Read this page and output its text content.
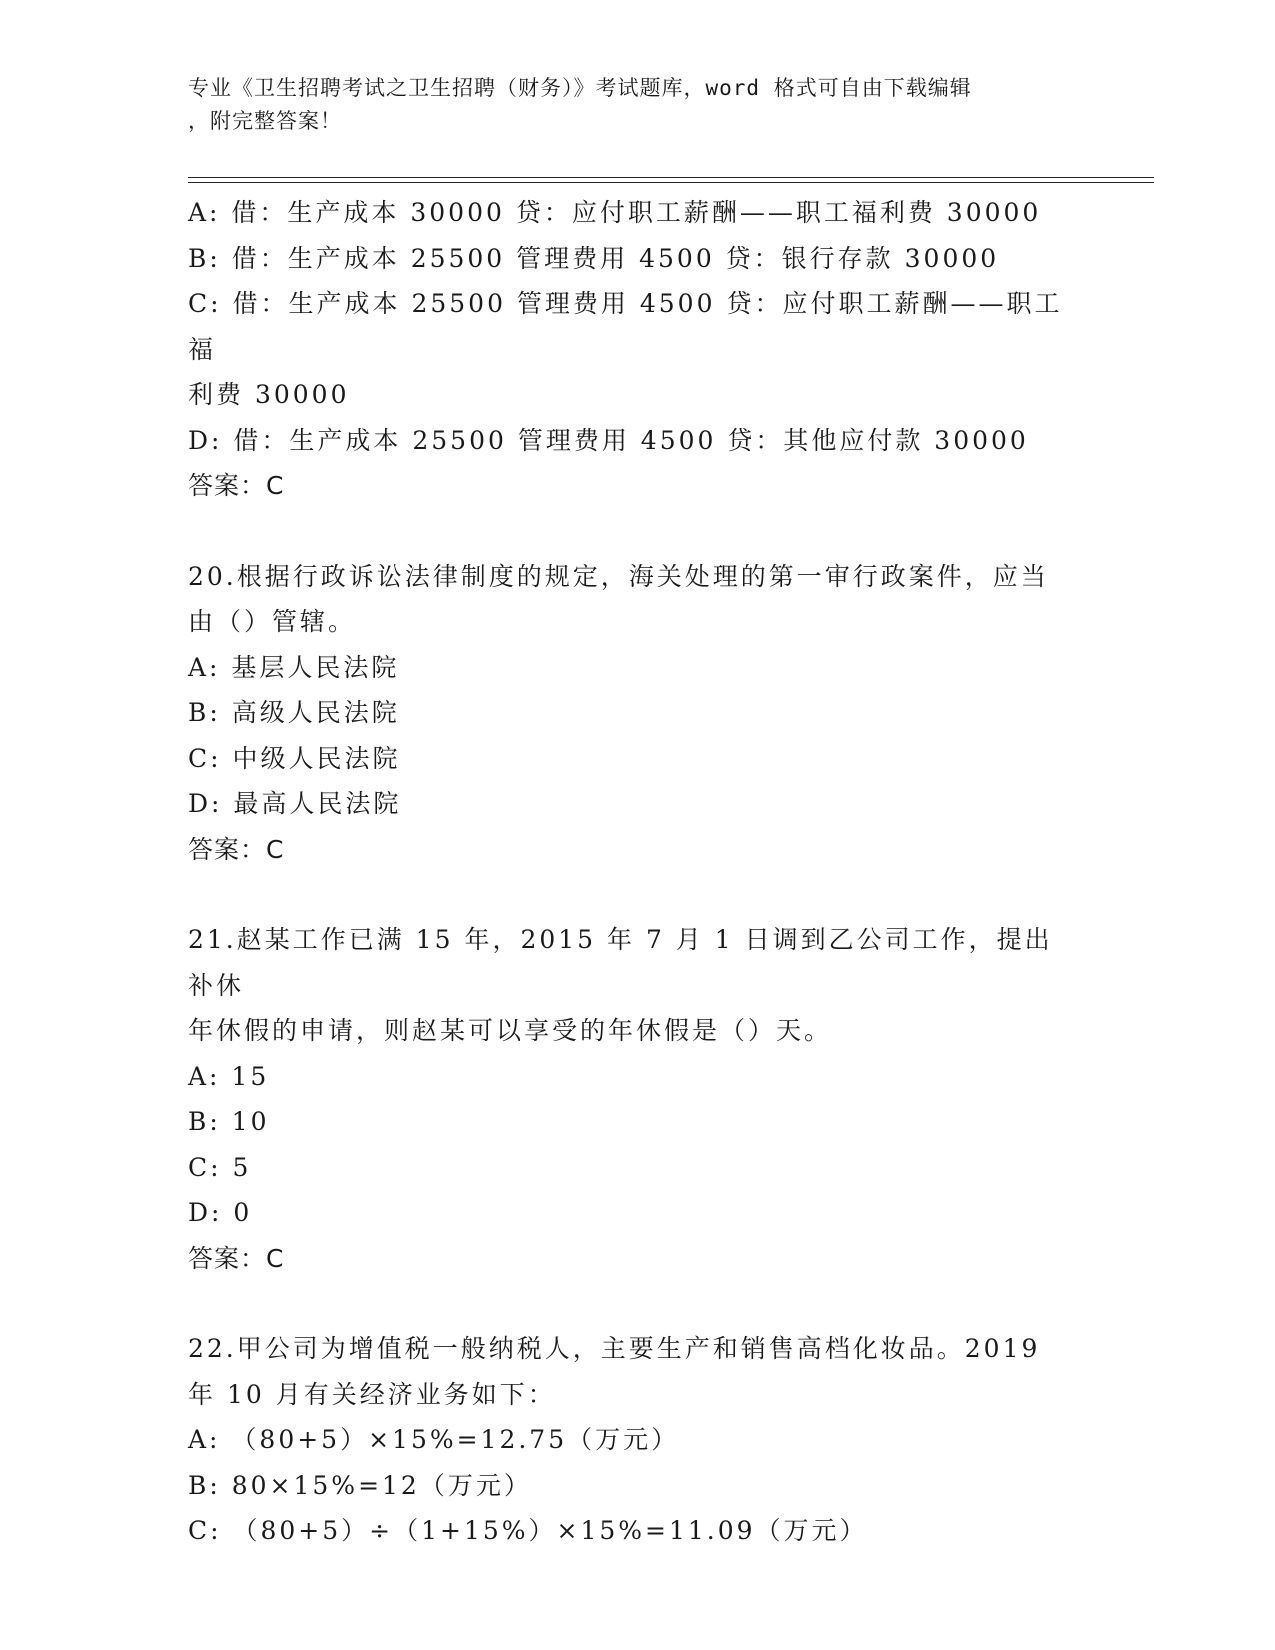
专业《卫生招聘考试之卫生招聘（财务）》考试题库，word 格式可自由下载编辑
，附完整答案！

A: 借：生产成本 30000 贷：应付职工薪酬——职工福利费 30000

B: 借：生产成本 25500 管理费用 4500 贷：银行存款 30000

C: 借：生产成本 25500 管理费用 4500 贷：应付职工薪酬——职工福

利费 30000

D: 借：生产成本 25500 管理费用 4500 贷：其他应付款 30000

答案：C

20.根据行政诉讼法律制度的规定，海关处理的第一审行政案件，应当

由（）管辖。

A: 基层人民法院

B: 高级人民法院

C: 中级人民法院

D: 最高人民法院

答案：C

21.赵某工作已满 15 年，2015 年 7 月 1 日调到乙公司工作，提出补休

年休假的申请，则赵某可以享受的年休假是（）天。

A: 15

B: 10

C: 5

D: 0

答案：C

22.甲公司为增值税一般纳税人，主要生产和销售高档化妆品。2019

年 10 月有关经济业务如下：

A: （80+5）×15%=12.75（万元）

B: 80×15%=12（万元）

C: （80+5）÷（1+15%）×15%=11.09（万元）
